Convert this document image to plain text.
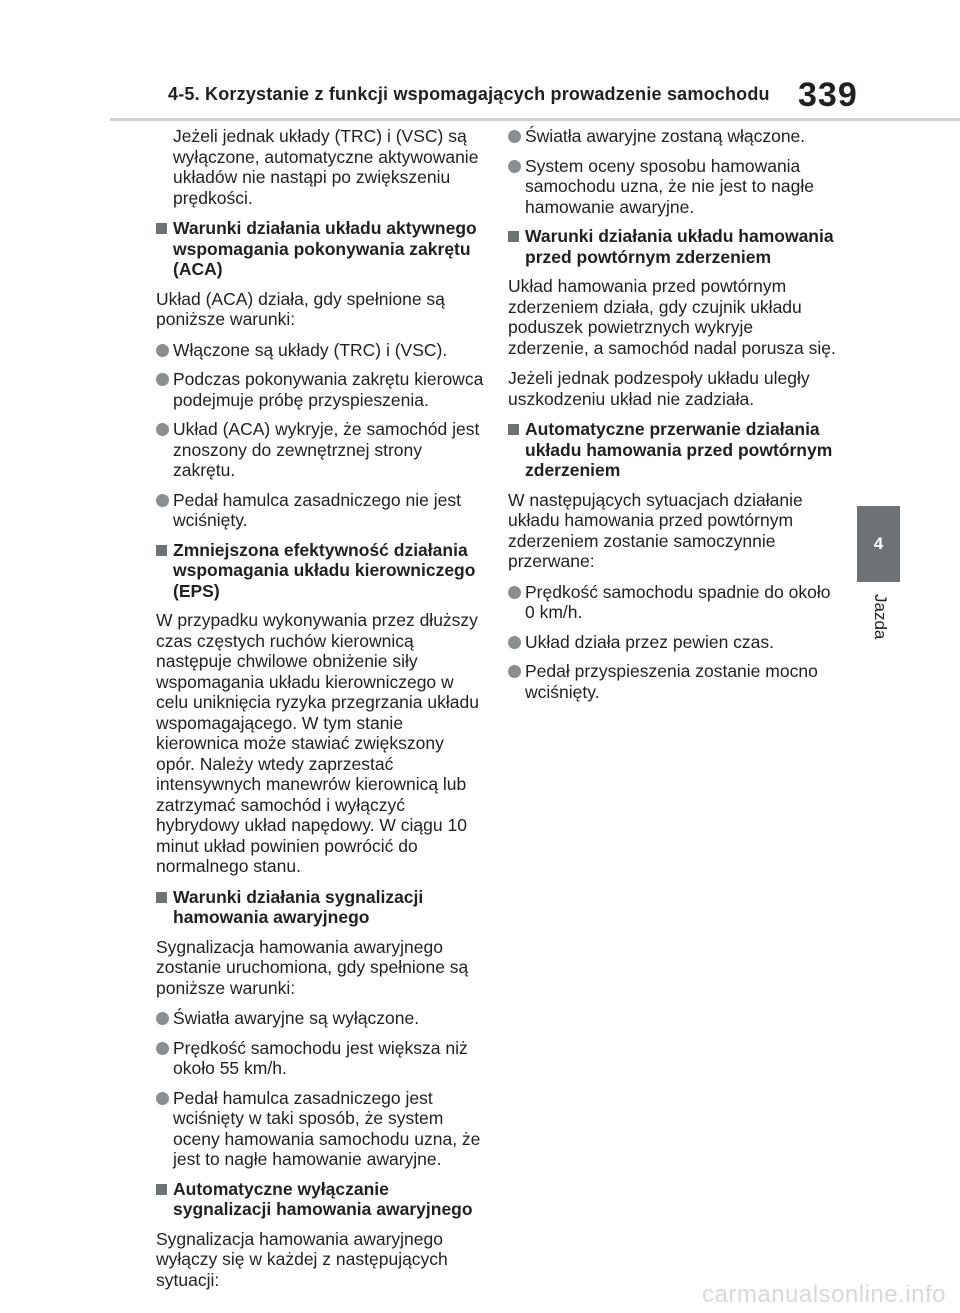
4-5. Korzystanie z funkcji wspomagających prowadzenie samochodu 339
4
Jazda
Jeżeli jednak układy (TRC) i (VSC) są wyłączone, automatyczne aktywowanie układów nie nastąpi po zwiększeniu prędkości.
Warunki działania układu aktywnego wspomagania pokonywania zakrętu (ACA)
Układ (ACA) działa, gdy spełnione są poniższe warunki:
Włączone są układy (TRC) i (VSC).
Podczas pokonywania zakrętu kierowca podejmuje próbę przyspieszenia.
Układ (ACA) wykryje, że samochód jest znoszony do zewnętrznej strony zakrętu.
Pedał hamulca zasadniczego nie jest wciśnięty.
Zmniejszona efektywność działania wspomagania układu kierowniczego (EPS)
W przypadku wykonywania przez dłuższy czas częstych ruchów kierownicą następuje chwilowe obniżenie siły wspomagania układu kierowniczego w celu uniknięcia ryzyka przegrzania układu wspomagającego. W tym stanie kierownica może stawiać zwiększony opór. Należy wtedy zaprzestać intensywnych manewrów kierownicą lub zatrzymać samochód i wyłączyć hybrydowy układ napędowy. W ciągu 10 minut układ powinien powrócić do normalnego stanu.
Warunki działania sygnalizacji hamowania awaryjnego
Sygnalizacja hamowania awaryjnego zostanie uruchomiona, gdy spełnione są poniższe warunki:
Światła awaryjne są wyłączone.
Prędkość samochodu jest większa niż około 55 km/h.
Pedał hamulca zasadniczego jest wciśnięty w taki sposób, że system oceny hamowania samochodu uzna, że jest to nagłe hamowanie awaryjne.
Automatyczne wyłączanie sygnalizacji hamowania awaryjnego
Sygnalizacja hamowania awaryjnego wyłączy się w każdej z następujących sytuacji:
Światła awaryjne zostaną włączone.
System oceny sposobu hamowania samochodu uzna, że nie jest to nagłe hamowanie awaryjne.
Warunki działania układu hamowania przed powtórnym zderzeniem
Układ hamowania przed powtórnym zderzeniem działa, gdy czujnik układu poduszek powietrznych wykryje zderzenie, a samochód nadal porusza się.
Jeżeli jednak podzespoły układu uległy uszkodzeniu układ nie zadziała.
Automatyczne przerwanie działania układu hamowania przed powtórnym zderzeniem
W następujących sytuacjach działanie układu hamowania przed powtórnym zderzeniem zostanie samoczynnie przerwane:
Prędkość samochodu spadnie do około 0 km/h.
Układ działa przez pewien czas.
Pedał przyspieszenia zostanie mocno wciśnięty.
carmanualsonline.info
